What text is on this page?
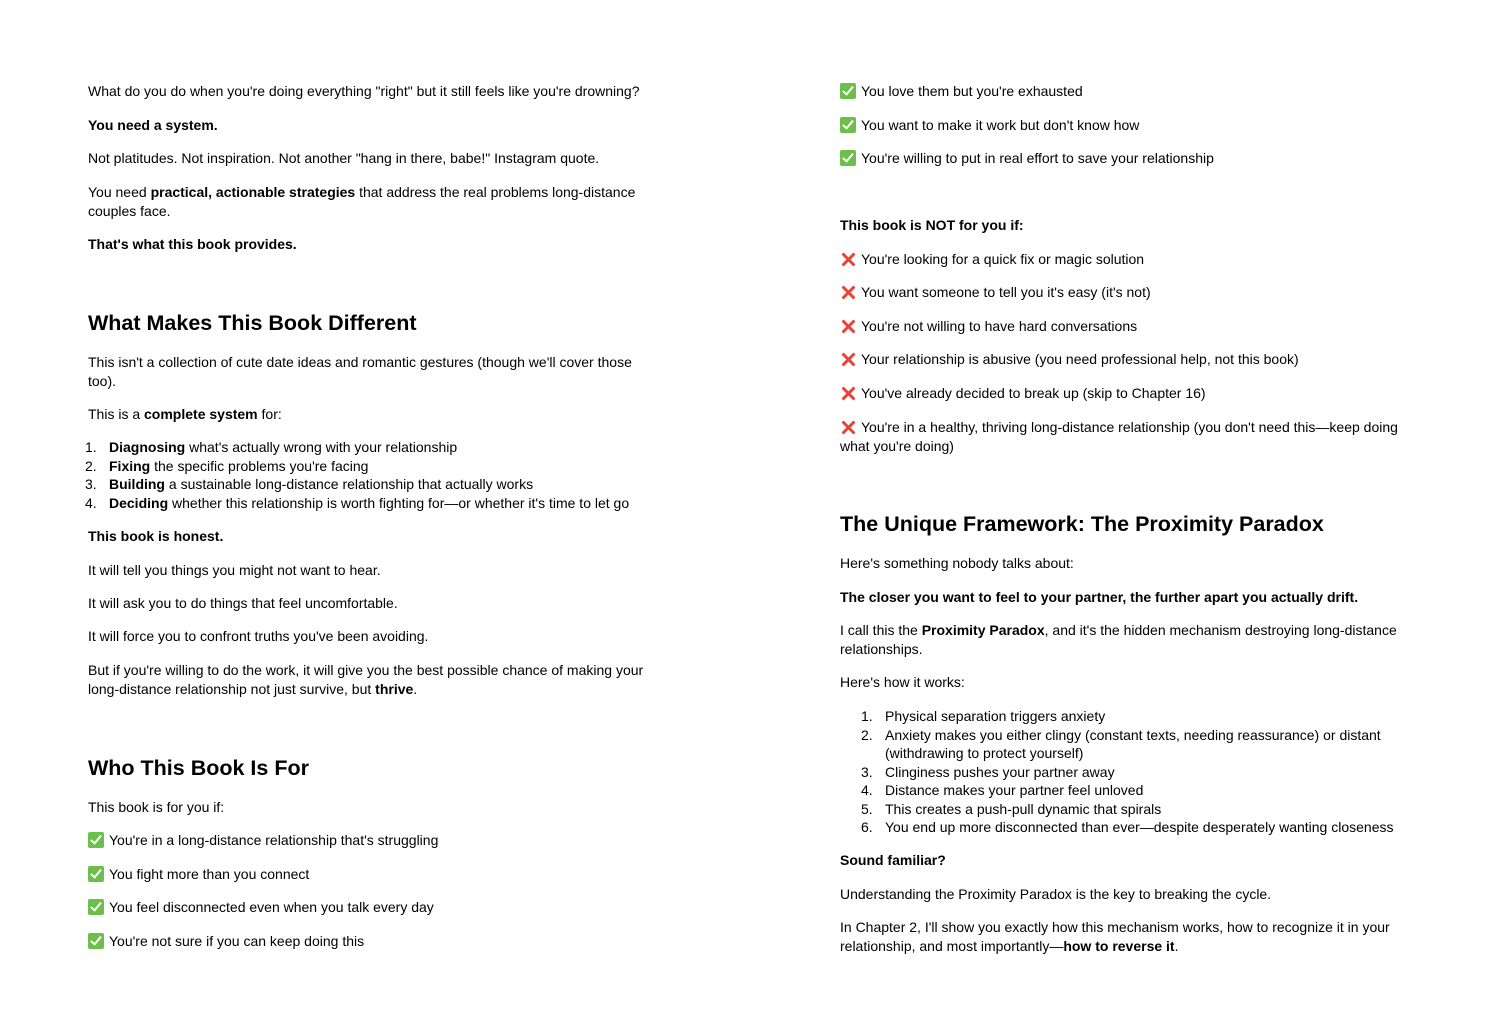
What do you do when you're doing everything "right" but it still feels like you're drowning?

You need a system.

Not platitudes. Not inspiration. Not another "hang in there, babe!" Instagram quote.

You need practical, actionable strategies that address the real problems long-distance couples face.

That's what this book provides.

What Makes This Book Different

This isn't a collection of cute date ideas and romantic gestures (though we'll cover those too).

This is a complete system for:

1. Diagnosing what's actually wrong with your relationship
2. Fixing the specific problems you're facing
3. Building a sustainable long-distance relationship that actually works
4. Deciding whether this relationship is worth fighting for—or whether it's time to let go

This book is honest.

It will tell you things you might not want to hear.

It will ask you to do things that feel uncomfortable.

It will force you to confront truths you've been avoiding.

But if you're willing to do the work, it will give you the best possible chance of making your long-distance relationship not just survive, but thrive.

Who This Book Is For

This book is for you if:

You're in a long-distance relationship that's struggling

You fight more than you connect

You feel disconnected even when you talk every day

You're not sure if you can keep doing this

You love them but you're exhausted

You want to make it work but don't know how

You're willing to put in real effort to save your relationship

This book is NOT for you if:

You're looking for a quick fix or magic solution

You want someone to tell you it's easy (it's not)

You're not willing to have hard conversations

Your relationship is abusive (you need professional help, not this book)

You've already decided to break up (skip to Chapter 16)

You're in a healthy, thriving long-distance relationship (you don't need this—keep doing what you're doing)

The Unique Framework: The Proximity Paradox

Here's something nobody talks about:

The closer you want to feel to your partner, the further apart you actually drift.

I call this the Proximity Paradox, and it's the hidden mechanism destroying long-distance relationships.

Here's how it works:

1. Physical separation triggers anxiety
2. Anxiety makes you either clingy (constant texts, needing reassurance) or distant (withdrawing to protect yourself)
3. Clinginess pushes your partner away
4. Distance makes your partner feel unloved
5. This creates a push-pull dynamic that spirals
6. You end up more disconnected than ever—despite desperately wanting closeness

Sound familiar?

Understanding the Proximity Paradox is the key to breaking the cycle.

In Chapter 2, I'll show you exactly how this mechanism works, how to recognize it in your relationship, and most importantly—how to reverse it.
